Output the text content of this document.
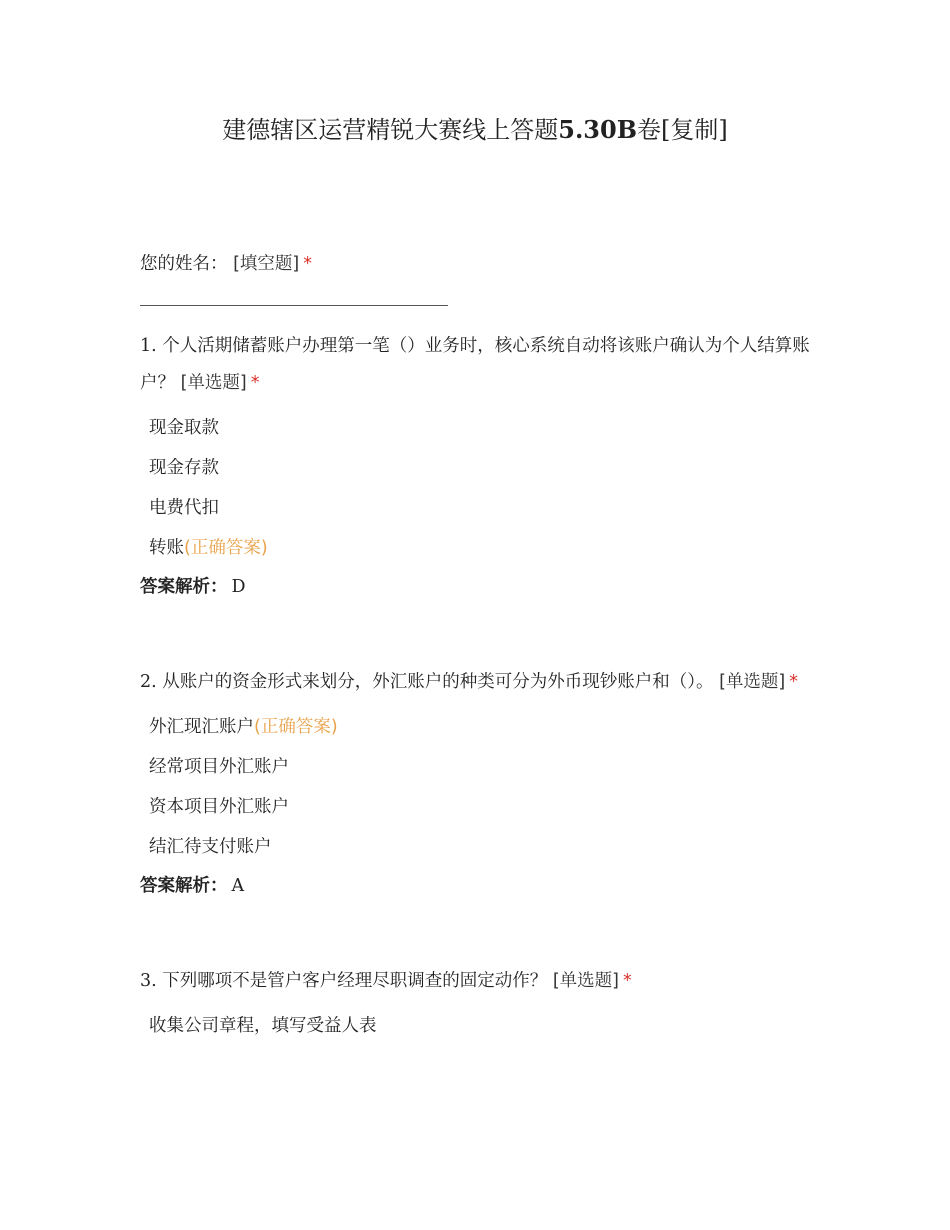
建德辖区运营精锐大赛线上答题5.30B卷[复制]
您的姓名： [填空题] *

1. 个人活期储蓄账户办理第一笔（）业务时，核心系统自动将该账户确认为个人结算账户？ [单选题] *

现金取款
现金存款
电费代扣
转账(正确答案)
答案解析： D

2. 从账户的资金形式来划分，外汇账户的种类可分为外币现钞账户和（）。 [单选题] *

外汇现汇账户(正确答案)
经常项目外汇账户
资本项目外汇账户
结汇待支付账户
答案解析： A

3. 下列哪项不是管户客户经理尽职调查的固定动作？ [单选题] *

收集公司章程，填写受益人表
